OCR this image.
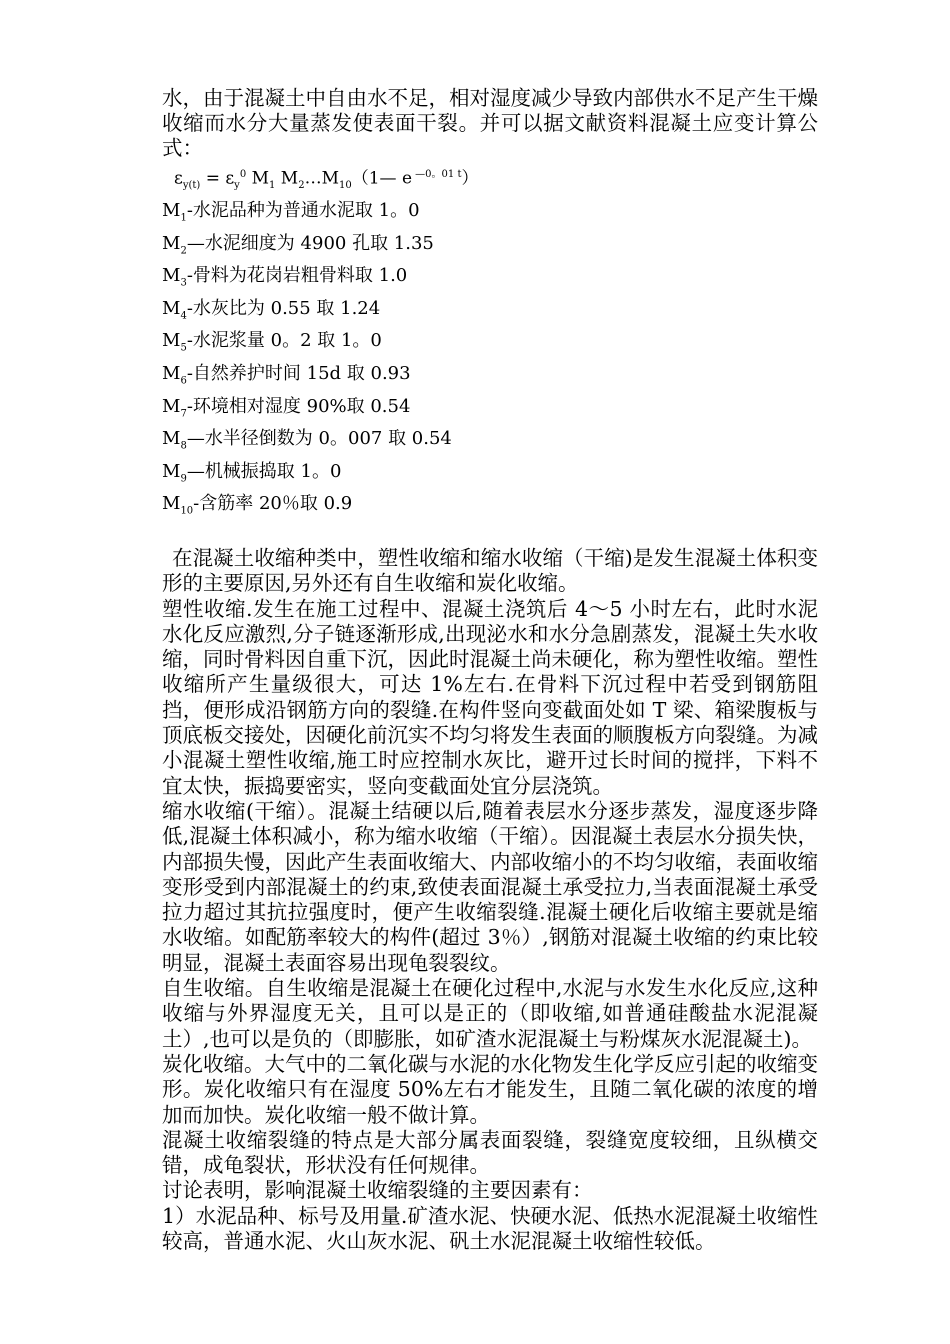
水，由于混凝土中自由水不足，相对湿度减少导致内部供水不足产生干燥收缩而水分大量蒸发使表面干裂。并可以据文献资料混凝土应变计算公式：

$\varepsilon_{y(t)} = \varepsilon_y^0$ $M_1$ $M_2\dots M_{10}(1—$ e $^{—0。01 t}$）
$M_1-$水泥品种为普通水泥取 1。0
$M_2—$水泥细度为 4900 孔取 1.35
$M_3-$骨料为花岗岩粗骨料取 1.0
$M_4-$水灰比为 0.55 取 1.24
$M_5-$水泥浆量 0。2 取 1。0
$M_6-$自然养护时间 15d 取 0.93
$M_7-$环境相对湿度 90%取 0.54
$M_8—$水半径倒数为 0。007 取 0.54
$M_9—$机械振捣取 1。0
$M_{10}-$含筋率 20％取 0.9

在混凝土收缩种类中，塑性收缩和缩水收缩（干缩)是发生混凝土体积变形的主要原因,另外还有自生收缩和炭化收缩。

塑性收缩.发生在施工过程中、混凝土浇筑后 4～5 小时左右，此时水泥水化反应激烈,分子链逐渐形成,出现泌水和水分急剧蒸发，混凝土失水收缩，同时骨料因自重下沉，因此时混凝土尚未硬化，称为塑性收缩。塑性收缩所产生量级很大，可达 1%左右.在骨料下沉过程中若受到钢筋阻挡，便形成沿钢筋方向的裂缝.在构件竖向变截面处如 T 梁、箱梁腹板与顶底板交接处，因硬化前沉实不均匀将发生表面的顺腹板方向裂缝。为减小混凝土塑性收缩,施工时应控制水灰比，避开过长时间的搅拌，下料不宜太快，振捣要密实，竖向变截面处宜分层浇筑。

缩水收缩(干缩）。混凝土结硬以后,随着表层水分逐步蒸发，湿度逐步降低,混凝土体积减小，称为缩水收缩（干缩）。因混凝土表层水分损失快，内部损失慢，因此产生表面收缩大、内部收缩小的不均匀收缩，表面收缩变形受到内部混凝土的约束,致使表面混凝土承受拉力,当表面混凝土承受拉力超过其抗拉强度时，便产生收缩裂缝.混凝土硬化后收缩主要就是缩水收缩。如配筋率较大的构件(超过 3％）,钢筋对混凝土收缩的约束比较明显，混凝土表面容易出现龟裂裂纹。

自生收缩。自生收缩是混凝土在硬化过程中,水泥与水发生水化反应,这种收缩与外界湿度无关，且可以是正的（即收缩,如普通硅酸盐水泥混凝土）,也可以是负的（即膨胀，如矿渣水泥混凝土与粉煤灰水泥混凝土)。

炭化收缩。大气中的二氧化碳与水泥的水化物发生化学反应引起的收缩变形。炭化收缩只有在湿度 50%左右才能发生，且随二氧化碳的浓度的增加而加快。炭化收缩一般不做计算。

混凝土收缩裂缝的特点是大部分属表面裂缝，裂缝宽度较细，且纵横交错，成龟裂状，形状没有任何规律。

讨论表明，影响混凝土收缩裂缝的主要因素有：

1）水泥品种、标号及用量.矿渣水泥、快硬水泥、低热水泥混凝土收缩性较高，普通水泥、火山灰水泥、矾土水泥混凝土收缩性较低。
